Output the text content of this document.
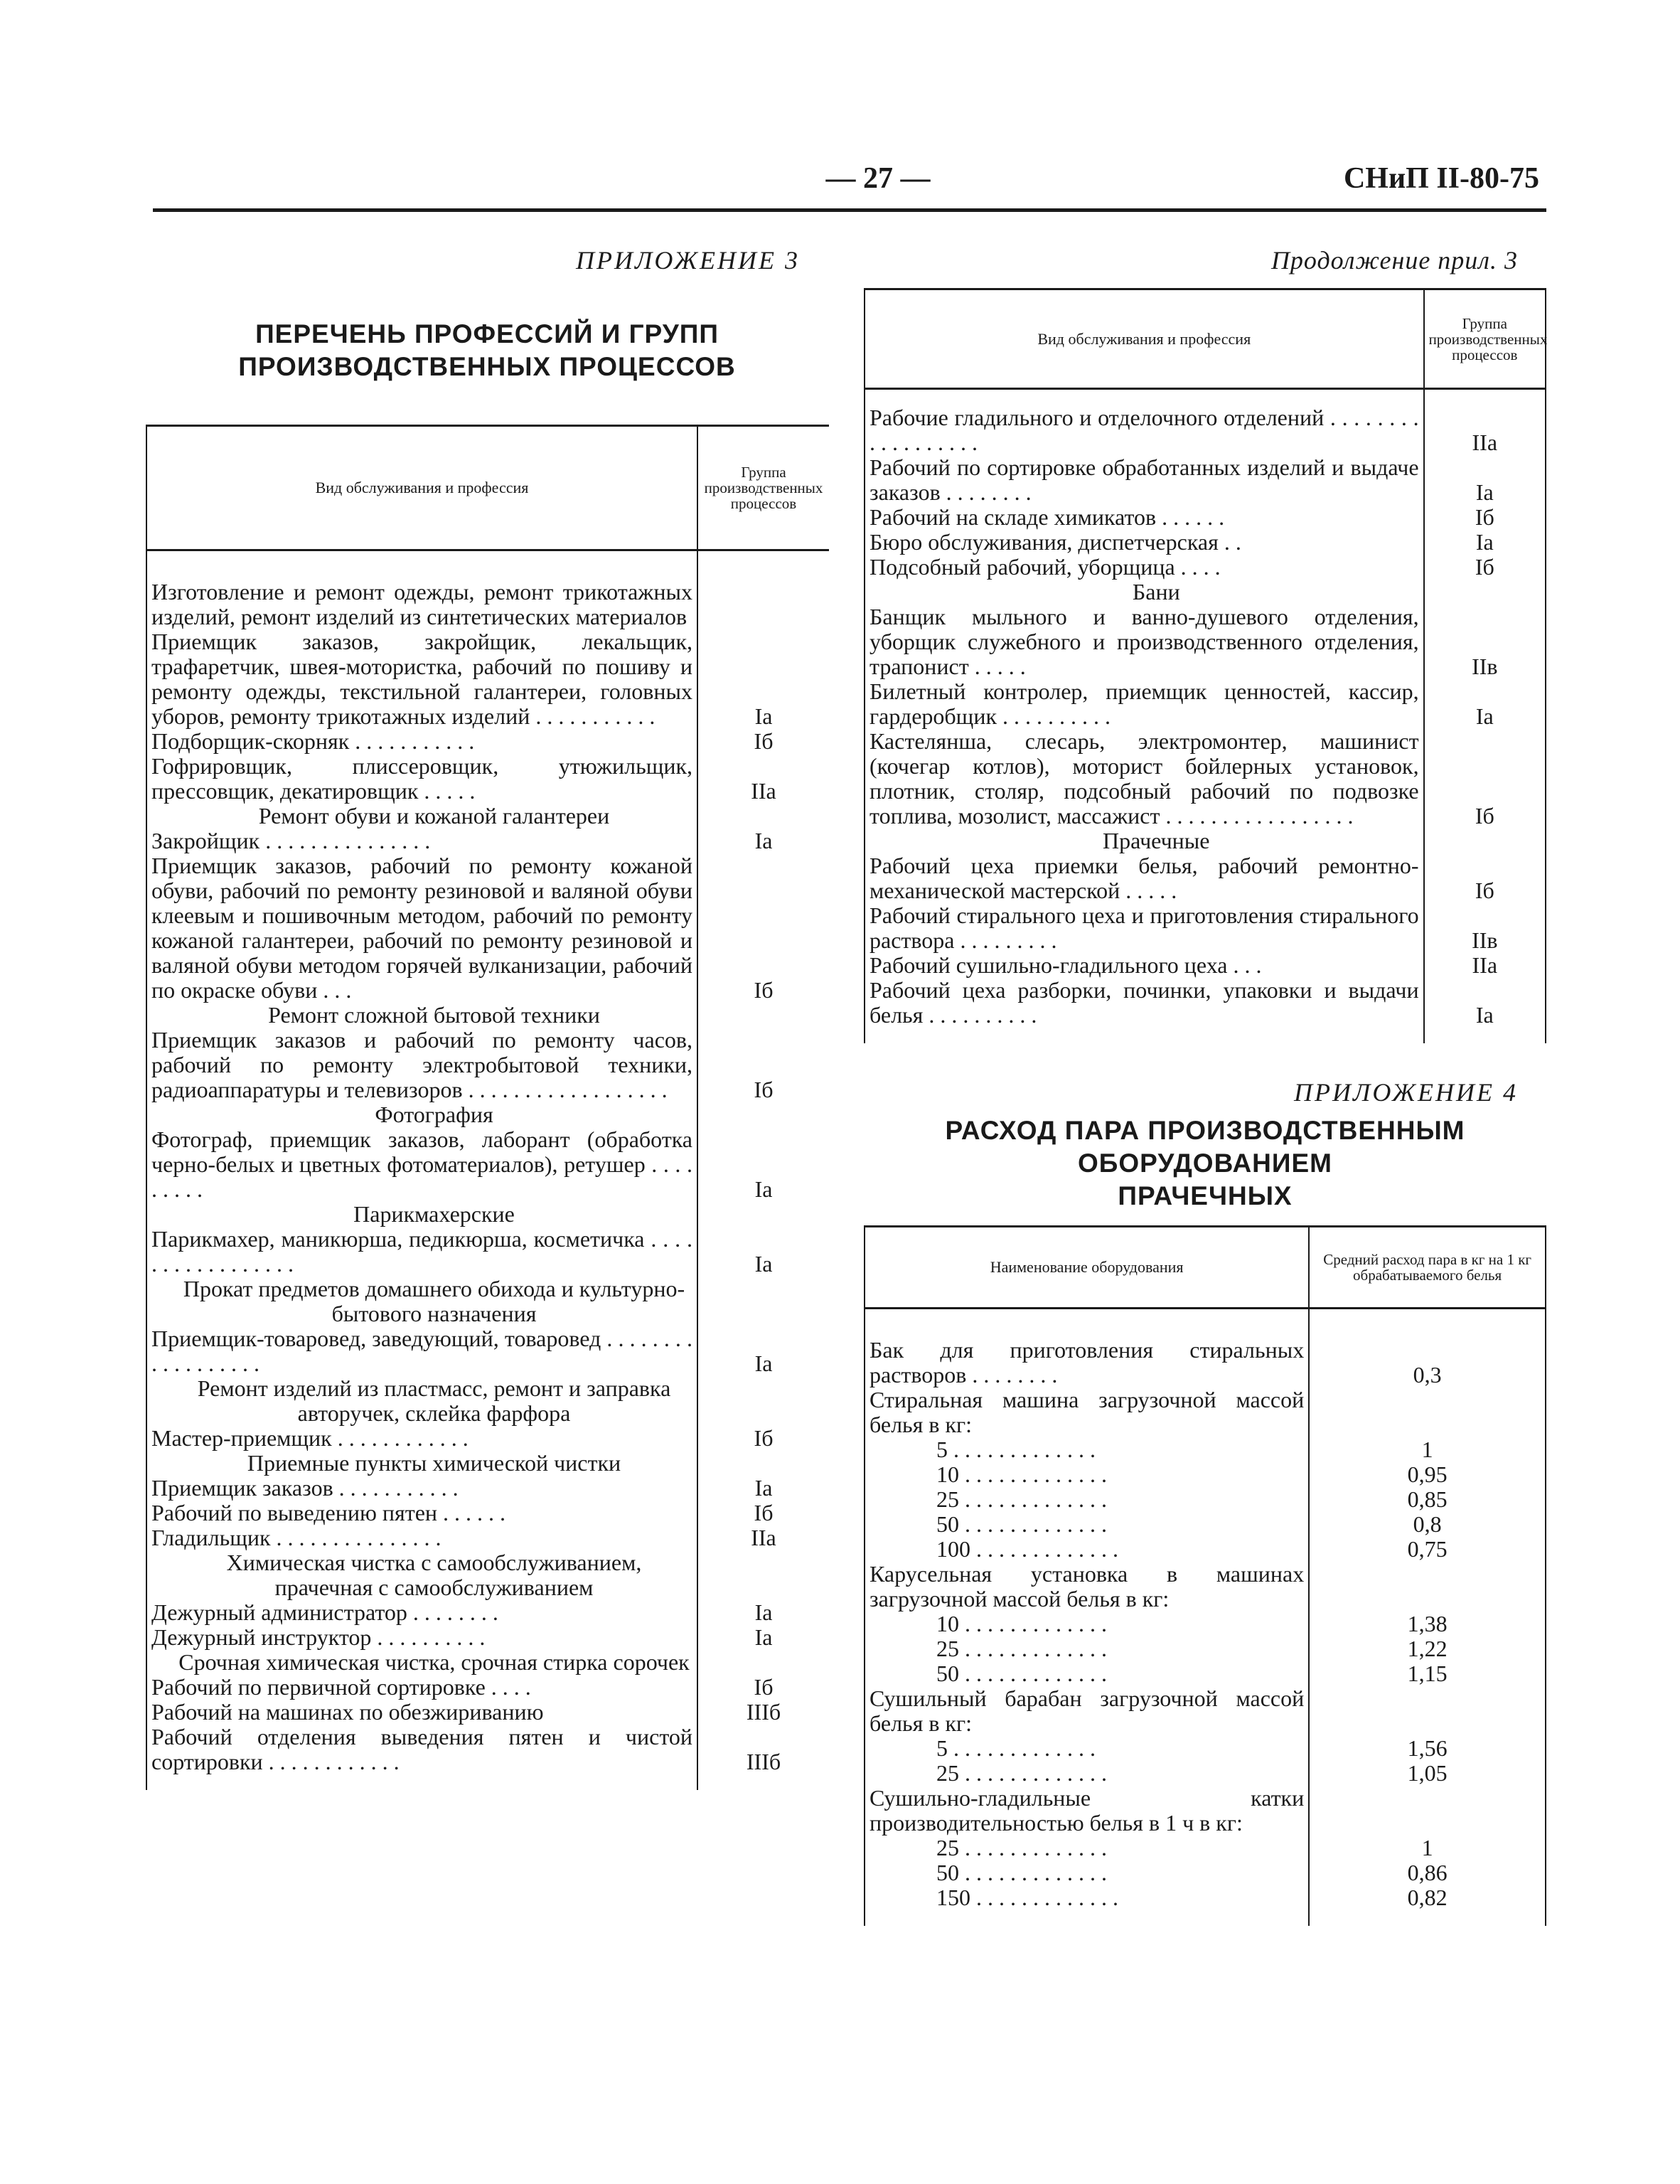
— 27 —	СНиП II-80-75
ПРИЛОЖЕНИЕ 3
ПЕРЕЧЕНЬ ПРОФЕССИЙ И ГРУПП
ПРОИЗВОДСТВЕННЫХ ПРОЦЕССОВ
Вид обслуживания и профессия	Группа производственных процессов

Изготовление и ремонт одежды, ремонт трикотажных изделий, ремонт изделий из синтетических материалов	
Приемщик заказов, закройщик, лекальщик, трафаретчик, швея-мотористка, рабочий по пошиву и ремонту одежды, текстильной галантереи, головных уборов, ремонту трикотажных изделий . . . . . . . . . . .	Iа
Подборщик-скорняк . . . . . . . . . . .	Iб
Гофрировщик, плиссеровщик, утюжильщик, прессовщик, декатировщик . . . . .	IIа
Ремонт обуви и кожаной галантереи	
Закройщик . . . . . . . . . . . . . . .	Iа
Приемщик заказов, рабочий по ремонту кожаной обуви, рабочий по ремонту резиновой и валяной обуви клеевым и пошивочным методом, рабочий по ремонту кожаной галантереи, рабочий по ремонту резиновой и валяной обуви методом горячей вулканизации, рабочий по окраске обуви . . .	Iб
Ремонт сложной бытовой техники	
Приемщик заказов и рабочий по ремонту часов, рабочий по ремонту электробытовой техники, радиоаппаратуры и телевизоров . . . . . . . . . . . . . . . . . .	Iб
Фотография	
Фотограф, приемщик заказов, лаборант (обработка черно-белых и цветных фотоматериалов), ретушер . . . . . . . . .	Iа
Парикмахерские	
Парикмахер, маникюрша, педикюрша, косметичка . . . . . . . . . . . . . . . . .	Iа
Прокат предметов домашнего обихода и культурно-бытового назначения	
Приемщик-товаровед, заведующий, товаровед . . . . . . . . . . . . . . . . . .	Iа
Ремонт изделий из пластмасс, ремонт и заправка авторучек, склейка фарфора	
Мастер-приемщик . . . . . . . . . . . .	Iб
Приемные пункты химической чистки	
Приемщик заказов . . . . . . . . . . .	Iа
Рабочий по выведению пятен . . . . . .	Iб
Гладильщик . . . . . . . . . . . . . . .	IIа
Химическая чистка с самообслуживанием, прачечная с самообслуживанием	
Дежурный администратор . . . . . . . .	Iа
Дежурный инструктор . . . . . . . . . .	Iа
Срочная химическая чистка, срочная стирка сорочек	
Рабочий по первичной сортировке . . . .	Iб
Рабочий на машинах по обезжириванию	IIIб
Рабочий отделения выведения пятен и чистой сортировки . . . . . . . . . . . .	IIIб

Продолжение прил. 3
Вид обслуживания и профессия	Группа производственных процессов

Рабочие гладильного и отделочного отделений . . . . . . . . . . . . . . . . . .	IIа
Рабочий по сортировке обработанных изделий и выдаче заказов . . . . . . . .	Iа
Рабочий на складе химикатов . . . . . .	Iб
Бюро обслуживания, диспетчерская . .	Iа
Подсобный рабочий, уборщица . . . .	Iб
Бани	
Банщик мыльного и ванно-душевого отделения, уборщик служебного и производственного отделения, трапонист . . . . .	IIв
Билетный контролер, приемщик ценностей, кассир, гардеробщик . . . . . . . . . .	Iа
Кастелянша, слесарь, электромонтер, машинист (кочегар котлов), моторист бойлерных установок, плотник, столяр, подсобный рабочий по подвозке топлива, мозолист, массажист . . . . . . . . . . . . . . . . .	Iб
Прачечные	
Рабочий цеха приемки белья, рабочий ремонтно-механической мастерской . . . . .	Iб
Рабочий стирального цеха и приготовления стирального раствора . . . . . . . . .	IIв
Рабочий сушильно-гладильного цеха . . .	IIа
Рабочий цеха разборки, починки, упаковки и выдачи белья . . . . . . . . . .	Iа

ПРИЛОЖЕНИЕ 4
РАСХОД ПАРА ПРОИЗВОДСТВЕННЫМ
ОБОРУДОВАНИЕМ
ПРАЧЕЧНЫХ
Наименование оборудования	Средний расход пара в кг на 1 кг обрабатываемого белья

Бак для приготовления стиральных растворов . . . . . . . .	0,3
Стиральная машина загрузочной массой белья в кг:	
5 . . . . . . . . . . . . .	1
10 . . . . . . . . . . . . .	0,95
25 . . . . . . . . . . . . .	0,85
50 . . . . . . . . . . . . .	0,8
100 . . . . . . . . . . . . .	0,75
Карусельная установка в машинах загрузочной массой белья в кг:	
10 . . . . . . . . . . . . .	1,38
25 . . . . . . . . . . . . .	1,22
50 . . . . . . . . . . . . .	1,15
Сушильный барабан загрузочной массой белья в кг:	
5 . . . . . . . . . . . . .	1,56
25 . . . . . . . . . . . . .	1,05
Сушильно-гладильные катки производительностью белья в 1 ч в кг:	
25 . . . . . . . . . . . . .	1
50 . . . . . . . . . . . . .	0,86
150 . . . . . . . . . . . . .	0,82
